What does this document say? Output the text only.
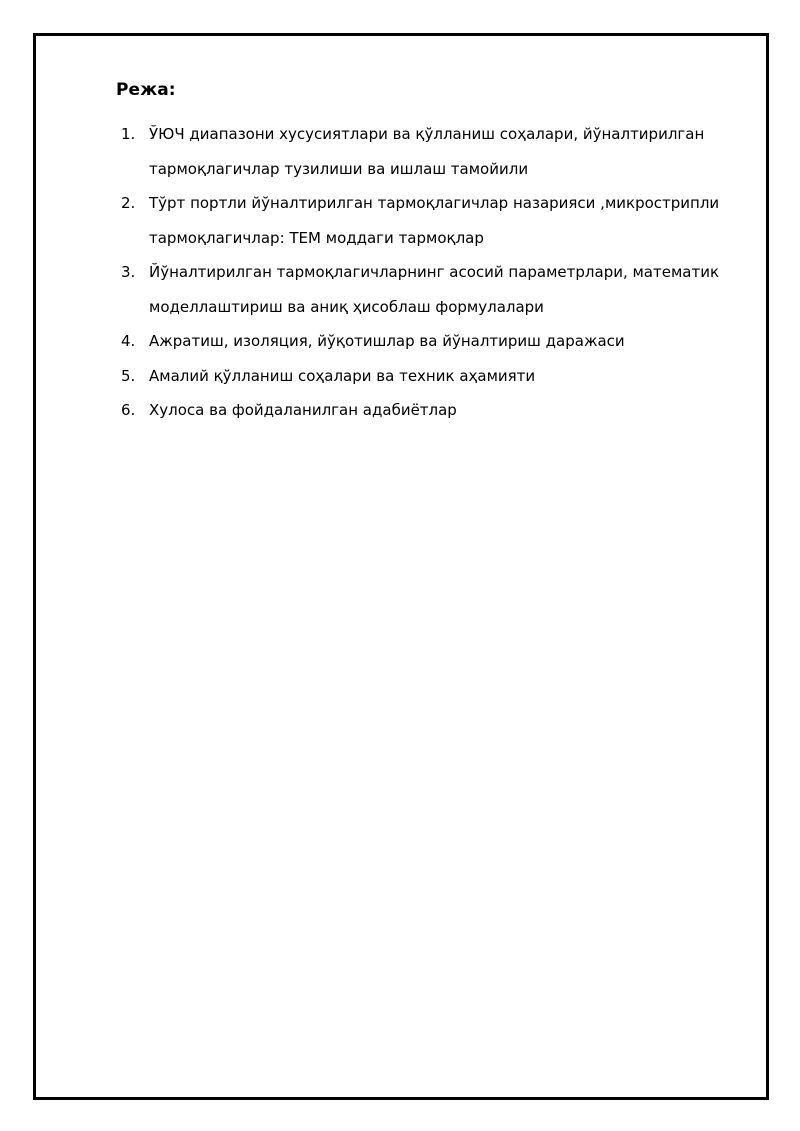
Режа:
1. ЎЮЧ диапазони хусусиятлари ва қўлланиш соҳалари, йўналтирилган
тармоқлагичлар тузилиши ва ишлаш тамойили
2. Тўрт портли йўналтирилган тармоқлагичлар назарияси ,микрострипли
тармоқлагичлар: ТЕМ моддаги тармоқлар
3. Йўналтирилган тармоқлагичларнинг асосий параметрлари, математик
моделлаштириш ва аниқ ҳисоблаш формулалари
4. Ажратиш, изоляция, йўқотишлар ва йўналтириш даражаси
5. Амалий қўлланиш соҳалари ва техник аҳамияти
6. Хулоса ва фойдаланилган адабиётлар
